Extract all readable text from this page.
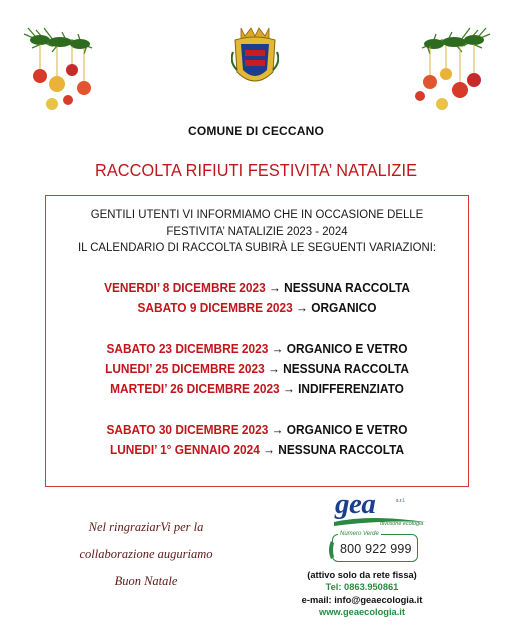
COMUNE DI CECCANO
RACCOLTA RIFIUTI FESTIVITA’ NATALIZIE
GENTILI UTENTI VI INFORMIAMO CHE IN OCCASIONE DELLE
FESTIVITA’ NATALIZIE 2023 - 2024
IL CALENDARIO DI RACCOLTA SUBIRÀ LE SEGUENTI VARIAZIONI:
VENERDI’ 8 DICEMBRE 2023 → NESSUNA RACCOLTA
SABATO 9 DICEMBRE 2023 → ORGANICO
SABATO 23 DICEMBRE 2023 → ORGANICO E VETRO
LUNEDI’ 25 DICEMBRE 2023 → NESSUNA RACCOLTA
MARTEDI’ 26 DICEMBRE 2023 → INDIFFERENZIATO
SABATO 30 DICEMBRE 2023 → ORGANICO E VETRO
LUNEDI’ 1° GENNAIO 2024 → NESSUNA RACCOLTA
Nel ringraziarVi per la
collaborazione auguriamo
Buon Natale
gea	s.r.l.
divisione ecologia
Numero Verde
800 922 999
(attivo solo da rete fissa)
Tel: 0863.950861
e-mail: info@geaecologia.it
www.geaecologia.it
